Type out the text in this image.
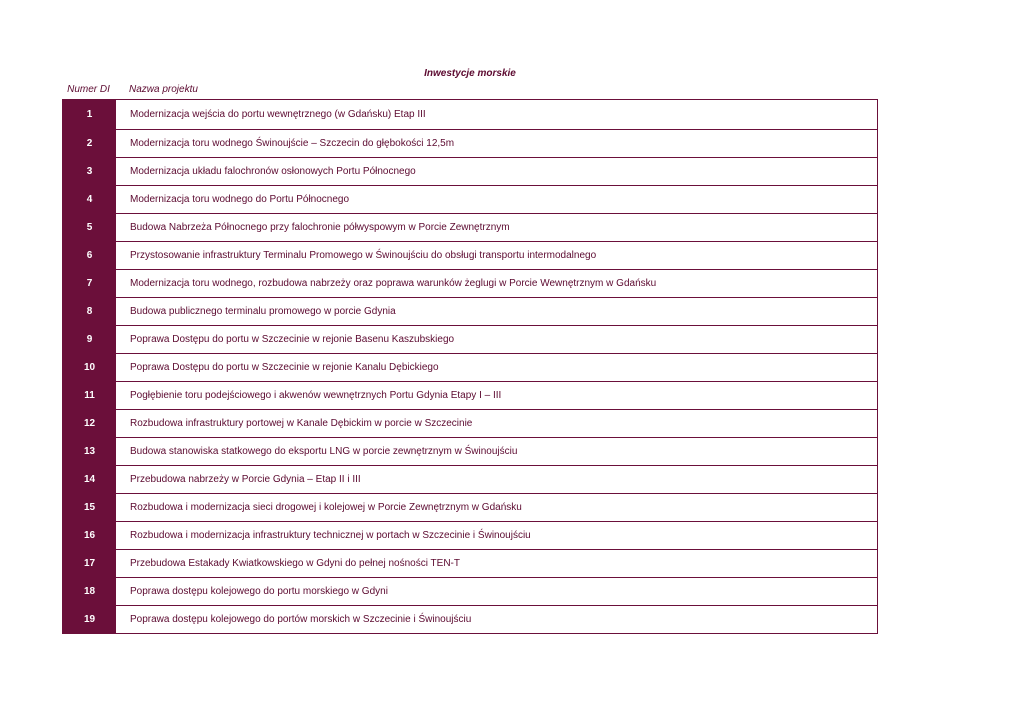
Inwestycje morskie
Numer DI	Nazwa projektu
1	Modernizacja wejścia do portu wewnętrznego (w Gdańsku) Etap III
2	Modernizacja toru wodnego Świnoujście – Szczecin do głębokości 12,5m
3	Modernizacja układu falochronów osłonowych Portu Północnego
4	Modernizacja toru wodnego do Portu Północnego
5	Budowa Nabrzeża Północnego przy falochronie półwyspowym w Porcie Zewnętrznym
6	Przystosowanie infrastruktury Terminalu Promowego w Świnoujściu do obsługi transportu intermodalnego
7	Modernizacja toru wodnego, rozbudowa nabrzeży oraz poprawa warunków żeglugi w Porcie Wewnętrznym w Gdańsku
8	Budowa publicznego terminalu promowego w porcie Gdynia
9	Poprawa Dostępu do portu w Szczecinie w rejonie Basenu Kaszubskiego
10	Poprawa Dostępu do portu w Szczecinie w rejonie Kanalu Dębickiego
11	Pogłębienie toru podejściowego i akwenów wewnętrznych Portu Gdynia Etapy I – III
12	Rozbudowa infrastruktury portowej w Kanale Dębickim w porcie w Szczecinie
13	Budowa stanowiska statkowego do eksportu LNG w porcie zewnętrznym w Świnoujściu
14	Przebudowa nabrzeży w Porcie Gdynia – Etap II i III
15	Rozbudowa i modernizacja sieci drogowej i kolejowej w Porcie Zewnętrznym w Gdańsku
16	Rozbudowa i modernizacja infrastruktury technicznej w portach w Szczecinie i Świnoujściu
17	Przebudowa Estakady Kwiatkowskiego w Gdyni do pełnej nośności TEN-T
18	Poprawa dostępu kolejowego do portu morskiego w Gdyni
19	Poprawa dostępu kolejowego do portów morskich w Szczecinie i Świnoujściu
